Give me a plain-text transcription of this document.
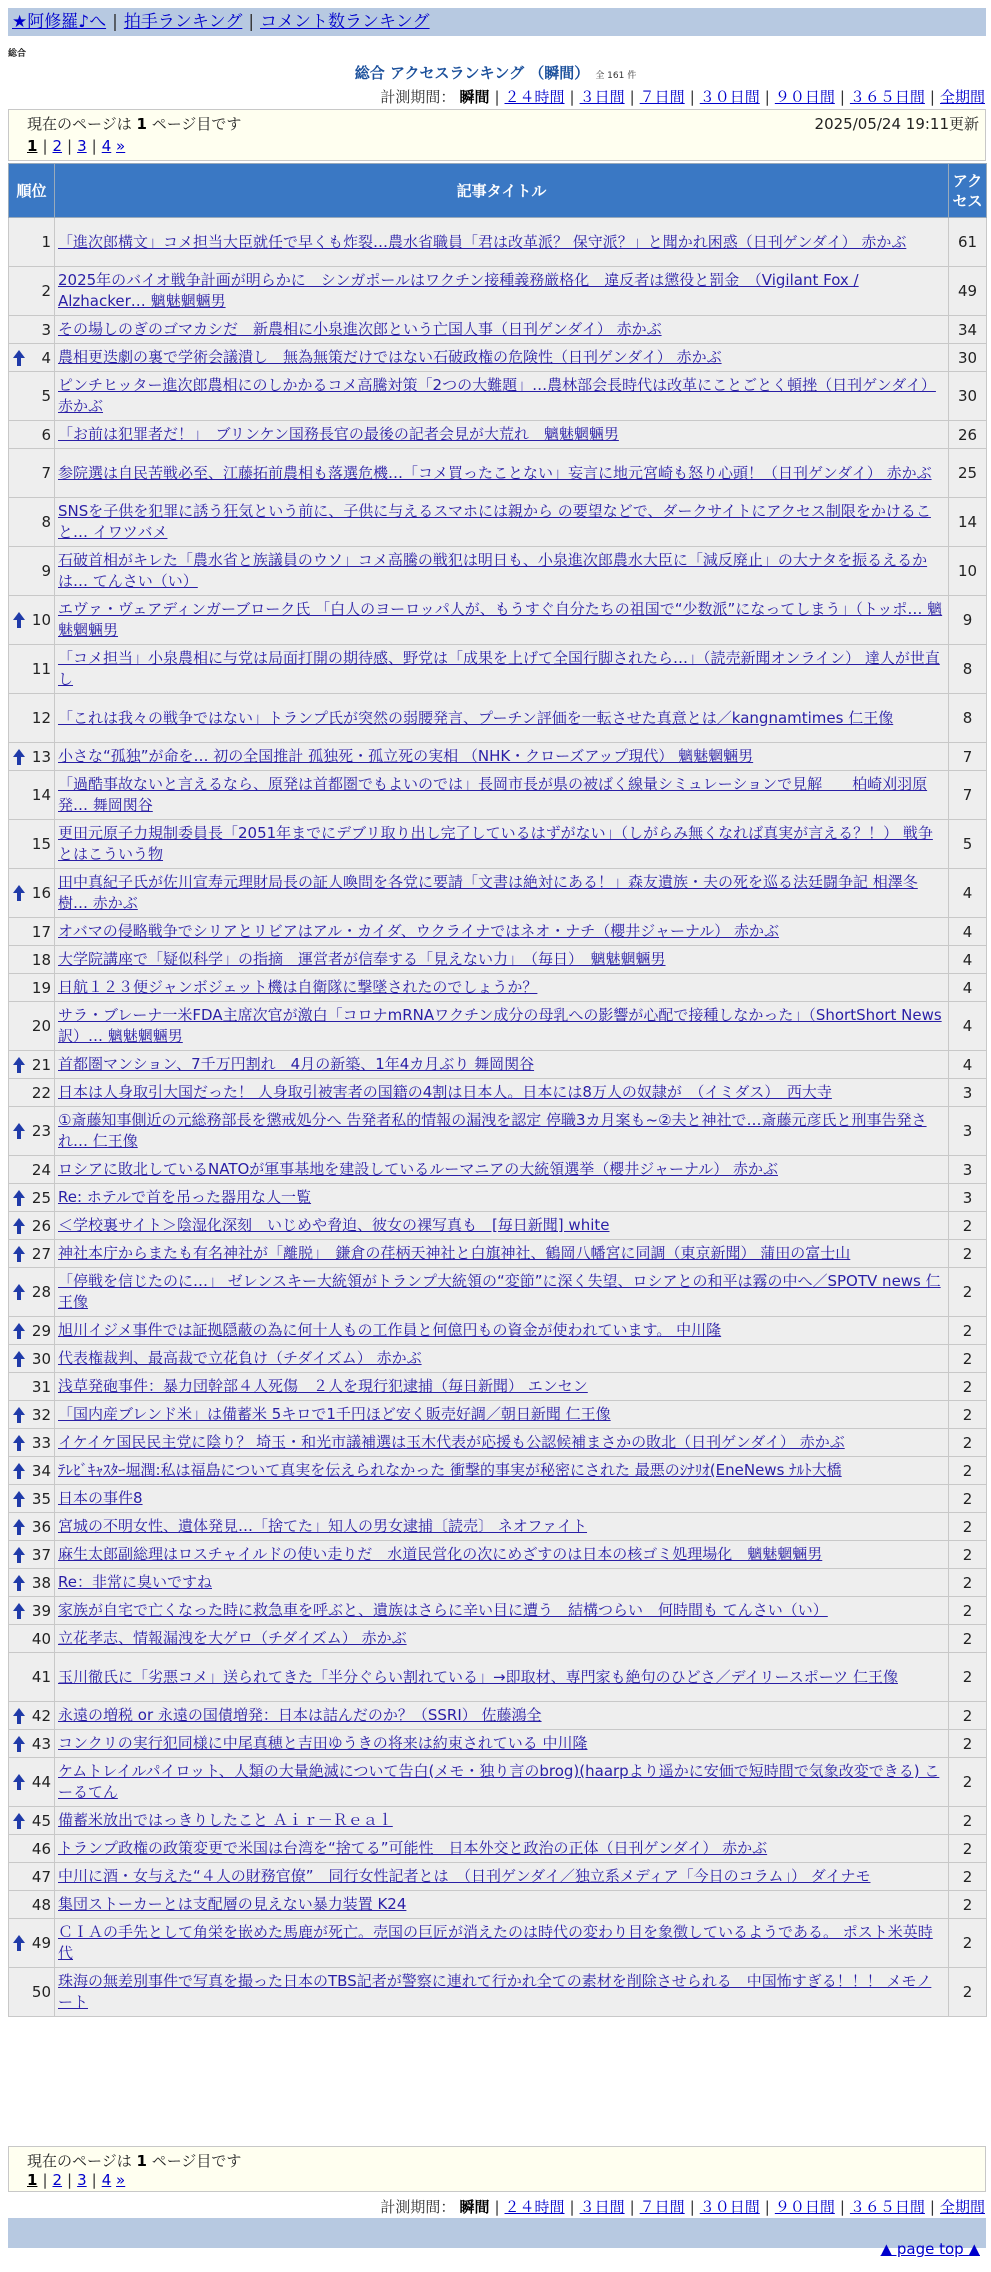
★阿修羅♪へ | 拍手ランキング | コメント数ランキング
総合
総合 アクセスランキング （瞬間） 全 161 件
計測期間： 瞬間 | ２４時間 | ３日間 | ７日間 | ３０日間 | ９０日間 | ３６５日間 | 全期間
現在のページは 1 ページ目です	2025/05/24 19:11更新
1 | 2 | 3 | 4 »
順位	記事タイトル	アクセス
1	「進次郎構文」コメ担当大臣就任で早くも炸裂…農水省職員「君は改革派？ 保守派？」と聞かれ困惑（日刊ゲンダイ） 赤かぶ	61
2	2025年のバイオ戦争計画が明らかに　シンガポールはワクチン接種義務厳格化　違反者は懲役と罰金　（Vigilant Fox / Alzhacker… 魑魅魍魎男	49
3	その場しのぎのゴマカシだ　新農相に小泉進次郎という亡国人事（日刊ゲンダイ） 赤かぶ	34

4	農相更迭劇の裏で学術会議潰し　無為無策だけではない石破政権の危険性（日刊ゲンダイ） 赤かぶ	30
5	ピンチヒッター進次郎農相にのしかかるコメ高騰対策「2つの大難題」…農林部会長時代は改革にことごとく頓挫（日刊ゲンダイ） 赤かぶ	30
6	「お前は犯罪者だ！」　ブリンケン国務長官の最後の記者会見が大荒れ　魑魅魍魎男	26
7	参院選は自民苦戦必至、江藤拓前農相も落選危機…「コメ買ったことない」妄言に地元宮崎も怒り心頭！（日刊ゲンダイ） 赤かぶ	25
8	SNSを子供を犯罪に誘う狂気という前に、子供に与えるスマホには親から の要望などで、ダークサイトにアクセス制限をかけること… イワツバメ	14
9	石破首相がキレた「農水省と族議員のウソ」コメ高騰の戦犯は明日も、小泉進次郎農水大臣に「減反廃止」の大ナタを振るえるかは… てんさい（い）	10

10	エヴァ・ヴェアディンガーブローク氏 「白人のヨーロッパ人が、もうすぐ自分たちの祖国で“少数派”になってしまう」（トッポ… 魑魅魍魎男	9
11	「コメ担当」小泉農相に与党は局面打開の期待感、野党は「成果を上げて全国行脚されたら…」（読売新聞オンライン） 達人が世直し	8
12	「これは我々の戦争ではない」トランプ氏が突然の弱腰発言、プーチン評価を一転させた真意とは／kangnamtimes 仁王像	8

13	小さな“孤独”が命を… 初の全国推計 孤独死・孤立死の実相 （NHK・クローズアップ現代） 魑魅魍魎男	7
14	「過酷事故ないと言えるなら、原発は首都圏でもよいのでは」長岡市長が県の被ばく線量シミュレーションで見解　　柏崎刈羽原発… 舞岡関谷	7
15	更田元原子力規制委員長「2051年までにデブリ取り出し完了しているはずがない」（しがらみ無くなれば真実が言える？！） 戦争とはこういう物	5

16	田中真紀子氏が佐川宣寿元理財局長の証人喚問を各党に要請「文書は絶対にある！」森友遺族・夫の死を巡る法廷闘争記 相澤冬樹… 赤かぶ	4
17	オバマの侵略戦争でシリアとリビアはアル・カイダ、ウクライナではネオ・ナチ（櫻井ジャーナル） 赤かぶ	4
18	大学院講座で「疑似科学」の指摘　運営者が信奉する「見えない力」　（毎日）　魑魅魍魎男	4
19	日航１２３便ジャンボジェット機は自衛隊に撃墜されたのでしょうか？	4
20	サラ・ブレーナ一米FDA主席次官が激白「コロナmRNAワクチン成分の母乳への影響が心配で接種しなかった」（ShortShort News訳）… 魑魅魍魎男	4

21	首都圏マンション、7千万円割れ　4月の新築、1年4カ月ぶり 舞岡関谷	4
22	日本は人身取引大国だった！ 人身取引被害者の国籍の4割は日本人。日本には8万人の奴隷が　（イミダス）　西大寺	3

23	①斎藤知事側近の元総務部長を懲戒処分へ 告発者私的情報の漏洩を認定 停職3カ月案も~②夫と神社で…斎藤元彦氏と刑事告発され… 仁王像	3
24	ロシアに敗北しているNATOが軍事基地を建設しているルーマニアの大統領選挙（櫻井ジャーナル） 赤かぶ	3

25	Re: ホテルで首を吊った器用な人一覧	3

26	＜学校裏サイト＞陰湿化深刻　いじめや脅迫、彼女の裸写真も　[毎日新聞] white	2

27	神社本庁からまたも有名神社が「離脱」　鎌倉の荏柄天神社と白旗神社、鶴岡八幡宮に同調（東京新聞） 蒲田の富士山	2

28	「停戦を信じたのに…」 ゼレンスキー大統領がトランプ大統領の“変節”に深く失望、ロシアとの和平は霧の中へ／SPOTV news 仁王像	2

29	旭川イジメ事件では証拠隠蔽の為に何十人もの工作員と何億円もの資金が使われています。 中川隆	2

30	代表権裁判、最高裁で立花負け（チダイズム） 赤かぶ	2
31	浅草発砲事件：暴力団幹部４人死傷　２人を現行犯逮捕（毎日新聞） エンセン	2

32	「国内産ブレンド米」は備蓄米 5キロで1千円ほど安く販売好調／朝日新聞 仁王像	2

33	イケイケ国民民主党に陰り？ 埼玉・和光市議補選は玉木代表が応援も公認候補まさかの敗北（日刊ゲンダイ） 赤かぶ	2

34	ﾃﾚﾋﾞｷｬｽﾀｰ堀潤:私は福島について真実を伝えられなかった 衝撃的事実が秘密にされた 最悪のｼﾅﾘｵ(EneNews ﾅﾙﾄ大橋	2

35	日本の事件8	2

36	宮城の不明女性、遺体発見…「捨てた」知人の男女逮捕〔読売〕 ネオファイト	2

37	麻生太郎副総理はロスチャイルドの使い走りだ　水道民営化の次にめざすのは日本の核ゴミ処理場化　魑魅魍魎男	2

38	Re：非常に臭いですね	2

39	家族が自宅で亡くなった時に救急車を呼ぶと、遺族はさらに辛い目に遭う　結構つらい　何時間も てんさい（い）	2
40	立花孝志、情報漏洩を大ゲロ（チダイズム） 赤かぶ	2
41	玉川徹氏に「劣悪コメ」送られてきた「半分ぐらい割れている」→即取材、専門家も絶句のひどさ／デイリースポーツ 仁王像	2

42	永遠の増税 or 永遠の国債増発：日本は詰んだのか？（SSRI） 佐藤鴻全	2

43	コンクリの実行犯同様に中尾真穂と吉田ゆうきの将来は約束されている 中川隆	2

44	ケムトレイルパイロット、人類の大量絶滅について告白(メモ・独り言のbrog)(haarpより遥かに安価で短時間で気象改変できる) こーるてん	2

45	備蓄米放出ではっきりしたこと Ａｉｒ－Ｒｅａｌ	2
46	トランプ政権の政策変更で米国は台湾を“捨てる”可能性　日本外交と政治の正体（日刊ゲンダイ） 赤かぶ	2
47	中川に酒・女与えた“４人の財務官僚”　同行女性記者とは　（日刊ゲンダイ／独立系メディア「今日のコラム」） ダイナモ	2
48	集団ストーカーとは支配層の見えない暴力装置 K24	2

49	ＣＩＡの手先として角栄を嵌めた馬鹿が死亡。売国の巨匠が消えたのは時代の変わり目を象徴しているようである。 ポスト米英時代	2
50	珠海の無差別事件で写真を撮った日本のTBS記者が警察に連れて行かれ全ての素材を削除させられる　中国怖すぎる！！！ メモノート	2
現在のページは 1 ページ目です
1 | 2 | 3 | 4 »
計測期間： 瞬間 | ２４時間 | ３日間 | ７日間 | ３０日間 | ９０日間 | ３６５日間 | 全期間
▲ page top ▲
